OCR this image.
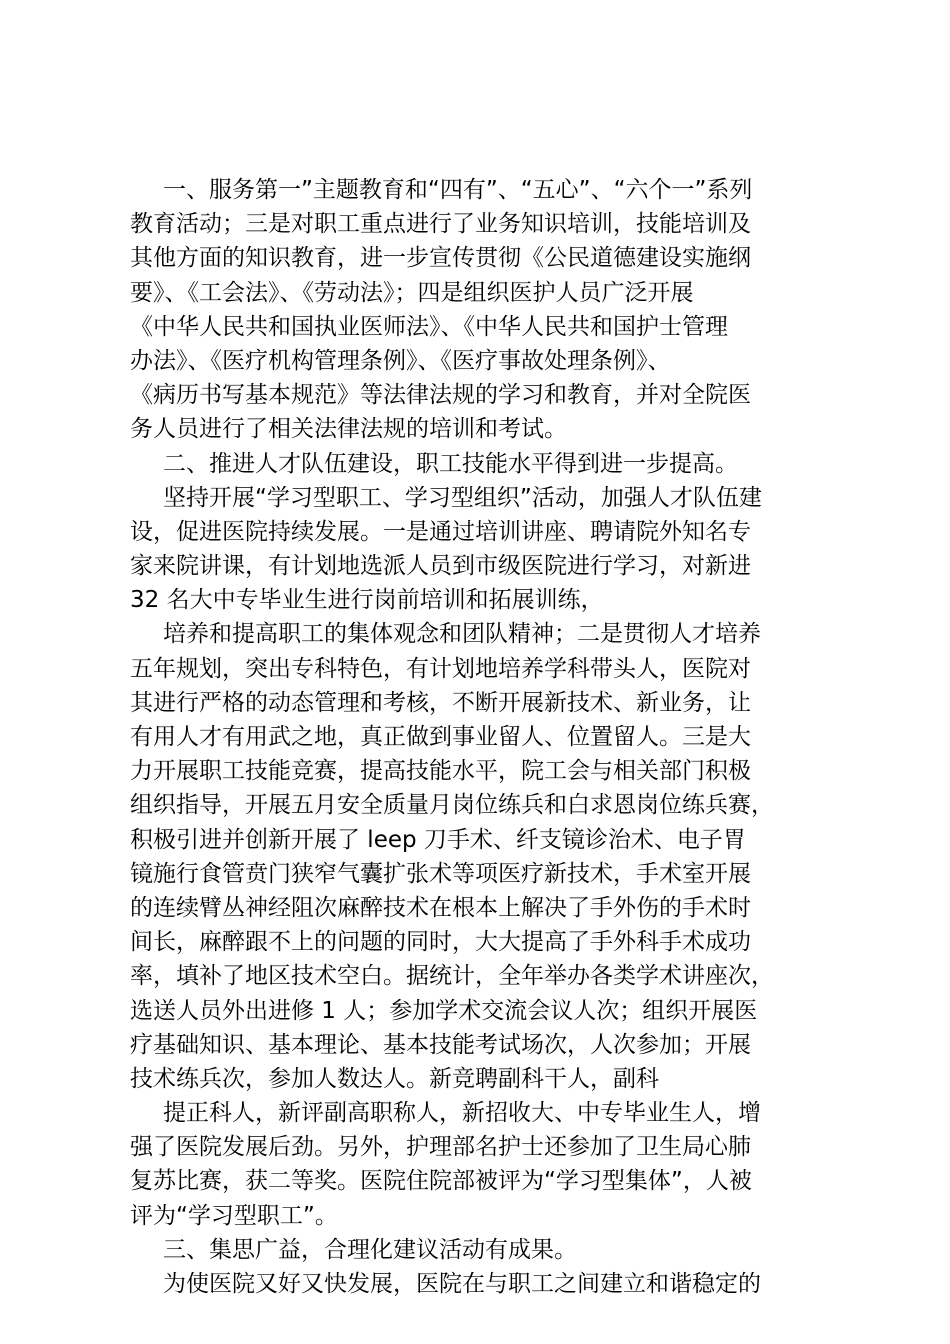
一、服务第一”主题教育和“四有”、“五心”、“六个一”系列
教育活动；三是对职工重点进行了业务知识培训，技能培训及
其他方面的知识教育，进一步宣传贯彻《公民道德建设实施纲
要》、《工会法》、《劳动法》；四是组织医护人员广泛开展
《中华人民共和国执业医师法》、《中华人民共和国护士管理
办法》、《医疗机构管理条例》、《医疗事故处理条例》、
《病历书写基本规范》等法律法规的学习和教育，并对全院医
务人员进行了相关法律法规的培训和考试。
二、推进人才队伍建设，职工技能水平得到进一步提高。
坚持开展“学习型职工、学习型组织”活动，加强人才队伍建
设，促进医院持续发展。一是通过培训讲座、聘请院外知名专
家来院讲课，有计划地选派人员到市级医院进行学习，对新进
32 名大中专毕业生进行岗前培训和拓展训练，
培养和提高职工的集体观念和团队精神；二是贯彻人才培养
五年规划，突出专科特色，有计划地培养学科带头人，医院对
其进行严格的动态管理和考核，不断开展新技术、新业务，让
有用人才有用武之地，真正做到事业留人、位置留人。三是大
力开展职工技能竞赛，提高技能水平，院工会与相关部门积极
组织指导，开展五月安全质量月岗位练兵和白求恩岗位练兵赛，
积极引进并创新开展了 leep 刀手术、纤支镜诊治术、电子胃
镜施行食管贲门狭窄气囊扩张术等项医疗新技术，手术室开展
的连续臂丛神经阻次麻醉技术在根本上解决了手外伤的手术时
间长，麻醉跟不上的问题的同时，大大提高了手外科手术成功
率，填补了地区技术空白。据统计，全年举办各类学术讲座次，
选送人员外出进修 1 人；参加学术交流会议人次；组织开展医
疗基础知识、基本理论、基本技能考试场次，人次参加；开展
技术练兵次，参加人数达人。新竞聘副科干人，副科
提正科人，新评副高职称人，新招收大、中专毕业生人，增
强了医院发展后劲。另外，护理部名护士还参加了卫生局心肺
复苏比赛，获二等奖。医院住院部被评为“学习型集体”，人被
评为“学习型职工”。
三、集思广益，合理化建议活动有成果。
为使医院又好又快发展，医院在与职工之间建立和谐稳定的
